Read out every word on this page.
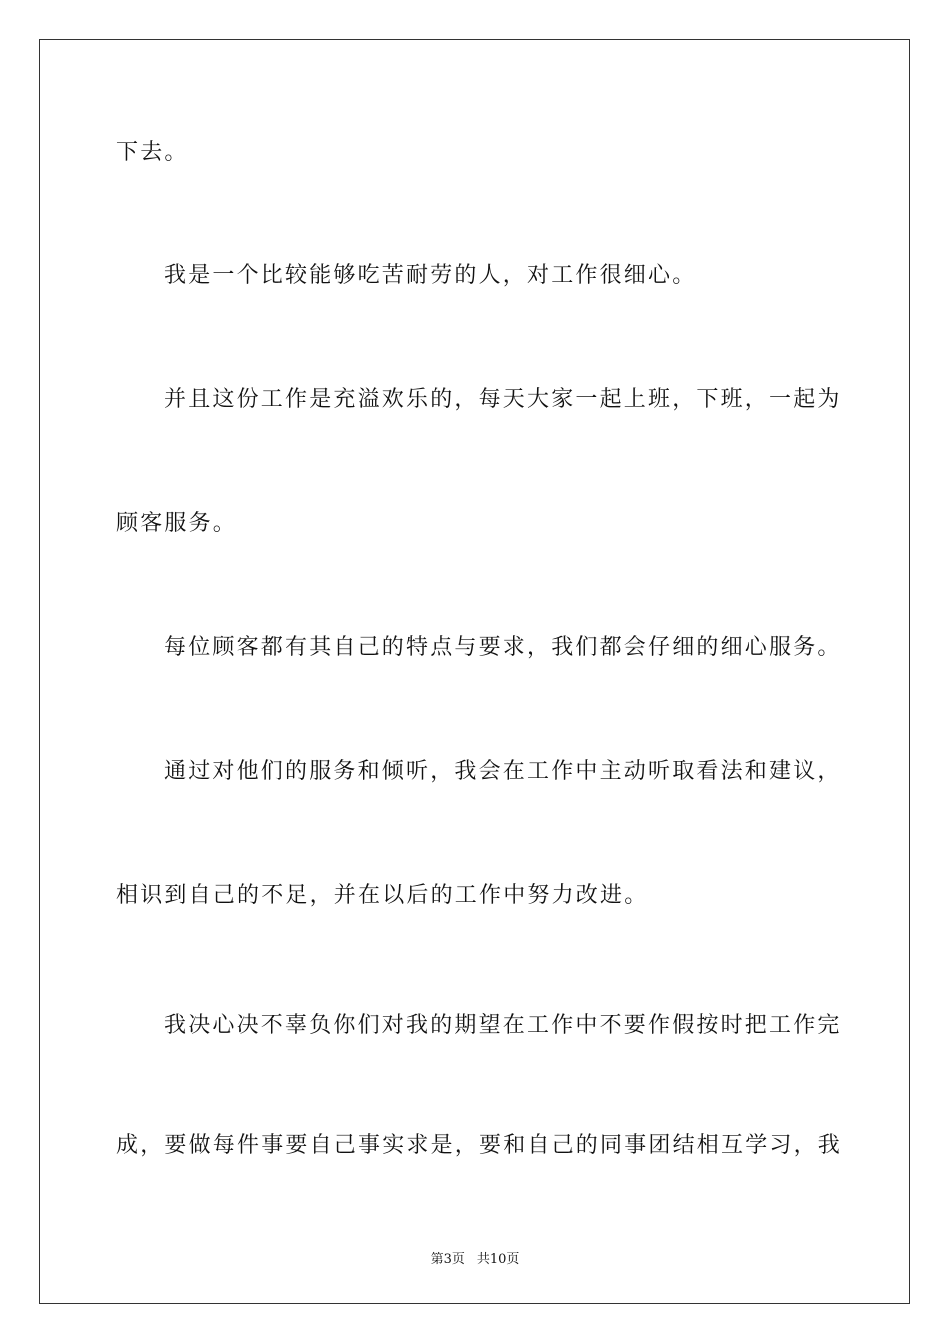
下去。
我是一个比较能够吃苦耐劳的人，对工作很细心。
并且这份工作是充溢欢乐的，每天大家一起上班，下班，一起为
顾客服务。
每位顾客都有其自己的特点与要求，我们都会仔细的细心服务。
通过对他们的服务和倾听，我会在工作中主动听取看法和建议，
相识到自己的不足，并在以后的工作中努力改进。
我决心决不辜负你们对我的期望在工作中不要作假按时把工作完
成，要做每件事要自己事实求是，要和自己的同事团结相互学习，我
第3页 共10页
